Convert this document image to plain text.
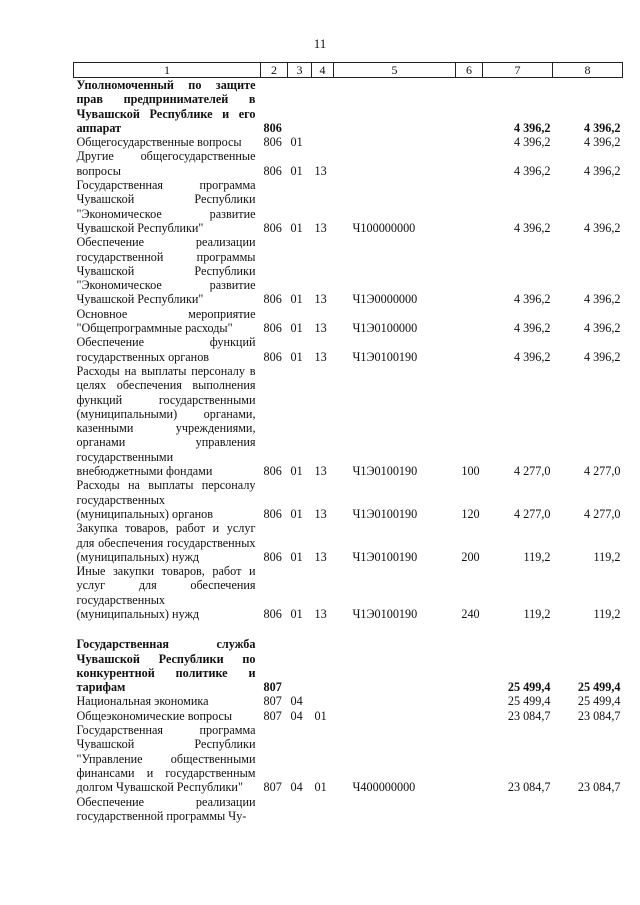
11
1	2	3	4	5	6	7	8
Уполномоченный по защите прав предпринимателей в Чувашской Республике и его аппарат	806					4 396,2	4 396,2
Общегосударственные вопросы	806	01				4 396,2	4 396,2
Другие общегосударственные вопросы	806	01	13			4 396,2	4 396,2
Государственная программа Чувашской Республики "Экономическое развитие Чувашской Республики"	806	01	13	Ч100000000		4 396,2	4 396,2
Обеспечение реализации государственной программы Чувашской Республики "Экономическое развитие Чувашской Республики"	806	01	13	Ч1Э0000000		4 396,2	4 396,2
Основное мероприятие "Общепрограммные расходы"	806	01	13	Ч1Э0100000		4 396,2	4 396,2
Обеспечение функций государственных органов	806	01	13	Ч1Э0100190		4 396,2	4 396,2
Расходы на выплаты персоналу в целях обеспечения выполнения функций государственными (муниципальными) органами, казенными учреждениями, органами управления государственными внебюджетными фондами	806	01	13	Ч1Э0100190	100	4 277,0	4 277,0
Расходы на выплаты персоналу государственных (муниципальных) органов	806	01	13	Ч1Э0100190	120	4 277,0	4 277,0
Закупка товаров, работ и услуг для обеспечения государственных (муниципальных) нужд	806	01	13	Ч1Э0100190	200	119,2	119,2
Иные закупки товаров, работ и услуг для обеспечения государственных (муниципальных) нужд	806	01	13	Ч1Э0100190	240	119,2	119,2

Государственная служба Чувашской Республики по конкурентной политике и тарифам	807					25 499,4	25 499,4
Национальная экономика	807	04				25 499,4	25 499,4
Общеэкономические вопросы	807	04	01			23 084,7	23 084,7
Государственная программа Чувашской Республики "Управление общественными финансами и государственным долгом Чувашской Республики"	807	04	01	Ч400000000		23 084,7	23 084,7
Обеспечение реализации государственной программы Чу-							
